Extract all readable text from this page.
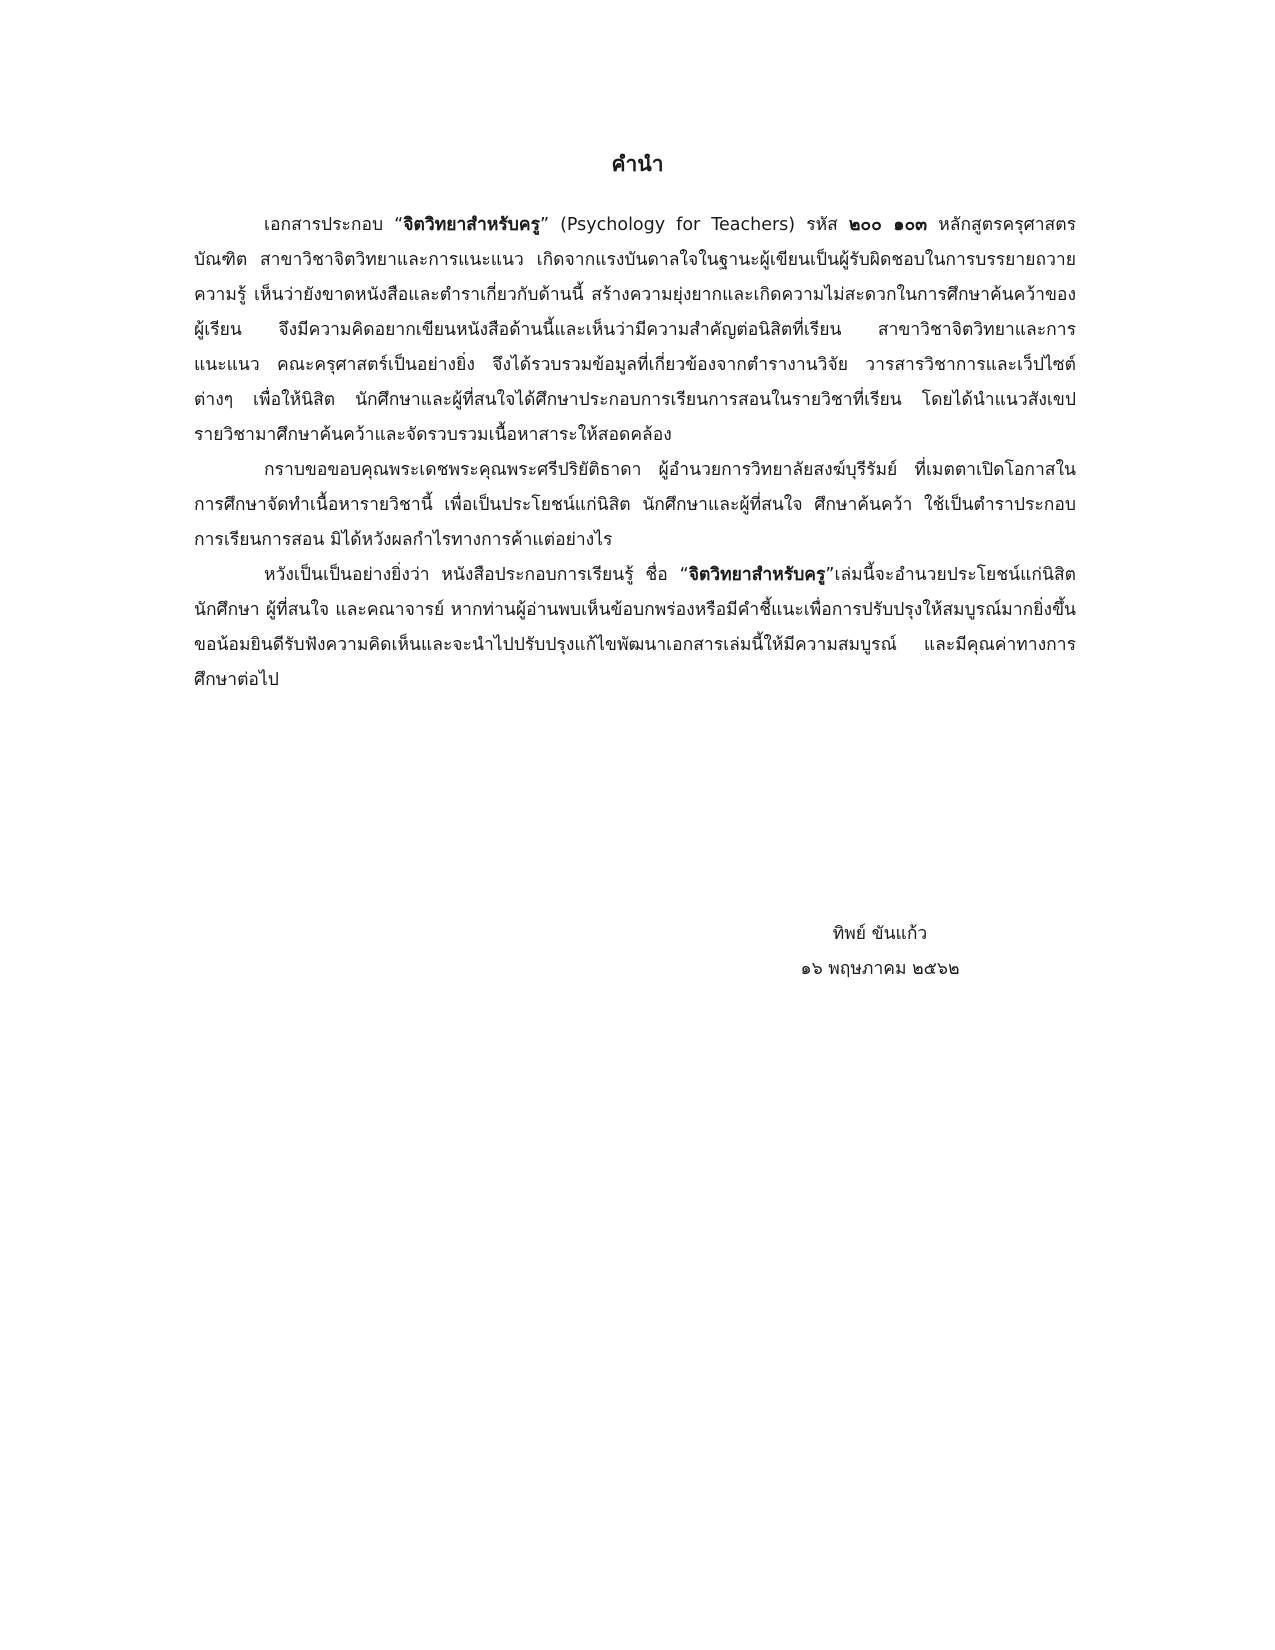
คำนำ

เอกสารประกอบ “จิตวิทยาสำหรับครู” (Psychology for Teachers) รหัส ๒๐๐ ๑๐๓ หลักสูตรครุศาสตรบัณฑิต สาขาวิชาจิตวิทยาและการแนะแนว เกิดจากแรงบันดาลใจในฐานะผู้เขียนเป็นผู้รับผิดชอบในการบรรยายถวายความรู้ เห็นว่ายังขาดหนังสือและตำราเกี่ยวกับด้านนี้ สร้างความยุ่งยากและเกิดความไม่สะดวกในการศึกษาค้นคว้าของผู้เรียน จึงมีความคิดอยากเขียนหนังสือด้านนี้และเห็นว่ามีความสำคัญต่อนิสิตที่เรียน สาขาวิชาจิตวิทยาและการแนะแนว คณะครุศาสตร์เป็นอย่างยิ่ง จึงได้รวบรวมข้อมูลที่เกี่ยวข้องจากตำรางานวิจัย วารสารวิชาการและเว็ปไซต์ต่างๆ เพื่อให้นิสิต นักศึกษาและผู้ที่สนใจได้ศึกษาประกอบการเรียนการสอนในรายวิชาที่เรียน โดยได้นำแนวสังเขปรายวิชามาศึกษาค้นคว้าและจัดรวบรวมเนื้อหาสาระให้สอดคล้อง

กราบขอขอบคุณพระเดชพระคุณพระศรีปริยัติธาดา ผู้อำนวยการวิทยาลัยสงฆ์บุรีรัมย์ ที่เมตตาเปิดโอกาสในการศึกษาจัดทำเนื้อหารายวิชานี้ เพื่อเป็นประโยชน์แก่นิสิต นักศึกษาและผู้ที่สนใจ ศึกษาค้นคว้า ใช้เป็นตำราประกอบการเรียนการสอน มิได้หวังผลกำไรทางการค้าแต่อย่างไร

หวังเป็นเป็นอย่างยิ่งว่า หนังสือประกอบการเรียนรู้ ชื่อ “จิตวิทยาสำหรับครู”เล่มนี้จะอำนวยประโยชน์แก่นิสิต นักศึกษา ผู้ที่สนใจ และคณาจารย์ หากท่านผู้อ่านพบเห็นข้อบกพร่องหรือมีคำชี้แนะเพื่อการปรับปรุงให้สมบูรณ์มากยิ่งขึ้น ขอน้อมยินดีรับฟังความคิดเห็นและจะนำไปปรับปรุงแก้ไขพัฒนาเอกสารเล่มนี้ให้มีความสมบูรณ์ และมีคุณค่าทางการศึกษาต่อไป

ทิพย์ ขันแก้ว
๑๖ พฤษภาคม ๒๕๖๒
